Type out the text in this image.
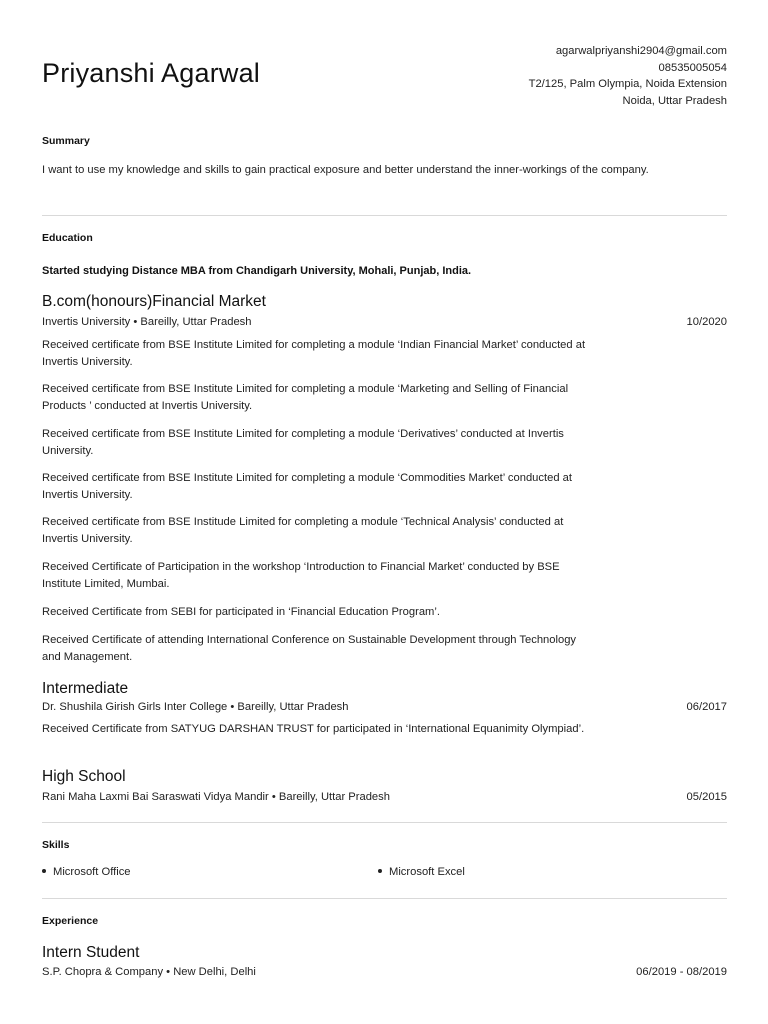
Priyanshi Agarwal
agarwalpriyanshi2904@gmail.com
08535005054
T2/125, Palm Olympia, Noida Extension
Noida, Uttar Pradesh
Summary
I want to use my knowledge and skills to gain practical exposure and better understand the inner-workings of the company.
Education
Started studying Distance MBA from Chandigarh University, Mohali, Punjab, India.
B.com(honours)Financial Market
Invertis University • Bareilly, Uttar Pradesh	10/2020
Received certificate from BSE Institute Limited for completing a module ‘Indian Financial Market’ conducted at Invertis University.
Received certificate from BSE Institute Limited for completing a module ‘Marketing and Selling of Financial Products ’ conducted at Invertis University.
Received certificate from BSE Institute Limited for completing a module ‘Derivatives’ conducted at Invertis University.
Received certificate from BSE Institute Limited for completing a module ‘Commodities Market’ conducted at Invertis University.
Received certificate from BSE Institude Limited for completing a module ‘Technical Analysis’ conducted at Invertis University.
Received Certificate of Participation in the workshop ‘Introduction to Financial Market’ conducted by BSE Institute Limited, Mumbai.
Received Certificate from SEBI for participated in ‘Financial Education Program’.
Received Certificate of attending International Conference on Sustainable Development through Technology and Management.
Intermediate
Dr. Shushila Girish Girls Inter College • Bareilly, Uttar Pradesh	06/2017
Received Certificate from SATYUG DARSHAN TRUST for participated in ‘International Equanimity Olympiad’.
High School
Rani Maha Laxmi Bai Saraswati Vidya Mandir • Bareilly, Uttar Pradesh	05/2015
Skills
Microsoft Office	Microsoft Excel
Experience
Intern Student
S.P. Chopra & Company • New Delhi, Delhi	06/2019 - 08/2019
